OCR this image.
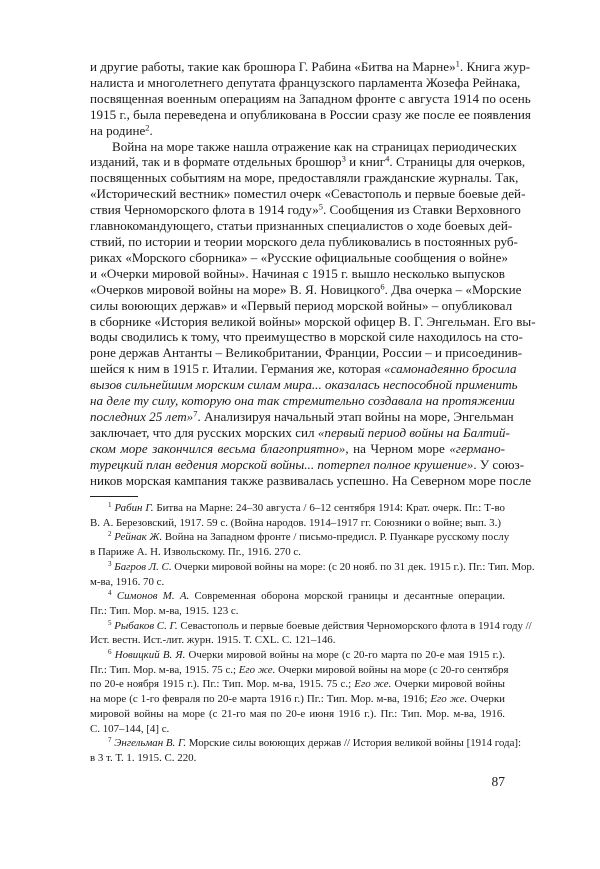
и другие работы, такие как брошюра Г. Рабина «Битва на Марне»$^1$. Книга жур-
налиста и многолетнего депутата французского парламента Жозефа Рейнака,
посвященная военным операциям на Западном фронте с августа 1914 по осень
1915 г., была переведена и опубликована в России сразу же после ее появления
на родине$^2$.
Война на море также нашла отражение как на страницах периодических
изданий, так и в формате отдельных брошюр$^3$ и книг$^4$. Страницы для очерков,
посвященных событиям на море, предоставляли гражданские журналы. Так,
«Исторический вестник» поместил очерк «Севастополь и первые боевые дей-
ствия Черноморского флота в 1914 году»$^5$. Сообщения из Ставки Верховного
главнокомандующего, статьи признанных специалистов о ходе боевых дей-
ствий, по истории и теории морского дела публиковались в постоянных руб-
риках «Морского сборника» – «Русские официальные сообщения о войне»
и «Очерки мировой войны». Начиная с 1915 г. вышло несколько выпусков
«Очерков мировой войны на море» В. Я. Новицкого$^6$. Два очерка – «Морские
силы воюющих держав» и «Первый период морской войны» – опубликовал
в сборнике «История великой войны» морской офицер В. Г. Энгельман. Его вы-
воды сводились к тому, что преимущество в морской силе находилось на сто-
роне держав Антанты – Великобритании, Франции, России – и присоединив-
шейся к ним в 1915 г. Италии. Германия же, которая «самонадеянно бросила
вызов сильнейшим морским силам мира... оказалась неспособной применить
на деле ту силу, которую она так стремительно создавала на протяжении
последних 25 лет»$^7$. Анализируя начальный этап войны на море, Энгельман
заключает, что для русских морских сил «первый период войны на Балтий-
ском море закончился весьма благоприятно», на Черном море «германо-
турецкий план ведения морской войны... потерпел полное крушение». У союз-
ников морская кампания также развивалась успешно. На Северном море после
$^1$ Рабин Г. Битва на Марне: 24–30 августа / 6–12 сентября 1914: Крат. очерк. Пг.: Т-во
В. А. Березовский, 1917. 59 с. (Война народов. 1914–1917 гг. Союзники о войне; вып. 3.)
$^2$ Рейнак Ж. Война на Западном фронте / письмо-предисл. Р. Пуанкаре русскому послу
в Париже А. Н. Извольскому. Пг., 1916. 270 с.
$^3$ Багров Л. С. Очерки мировой войны на море: (с 20 нояб. по 31 дек. 1915 г.). Пг.: Тип. Мор.
м-ва, 1916. 70 с.
$^4$ Симонов М. А. Современная оборона морской границы и десантные операции.
Пг.: Тип. Мор. м-ва, 1915. 123 с.
$^5$ Рыбаков С. Г. Севастополь и первые боевые действия Черноморского флота в 1914 году //
Ист. вестн. Ист.-лит. журн. 1915. Т. CXL. С. 121–146.
$^6$ Новицкий В. Я. Очерки мировой войны на море (с 20-го марта по 20-е мая 1915 г.).
Пг.: Тип. Мор. м-ва, 1915. 75 с.; Его же. Очерки мировой войны на море (с 20-го сентября
по 20-е ноября 1915 г.). Пг.: Тип. Мор. м-ва, 1915. 75 с.; Его же. Очерки мировой войны
на море (с 1-го февраля по 20-е марта 1916 г.) Пг.: Тип. Мор. м-ва, 1916; Его же. Очерки
мировой войны на море (с 21-го мая по 20-е июня 1916 г.). Пг.: Тип. Мор. м-ва, 1916.
С. 107–144, [4] с.
$^7$ Энгельман В. Г. Морские силы воюющих держав // История великой войны [1914 года]:
в 3 т. Т. 1. 1915. С. 220.
87
